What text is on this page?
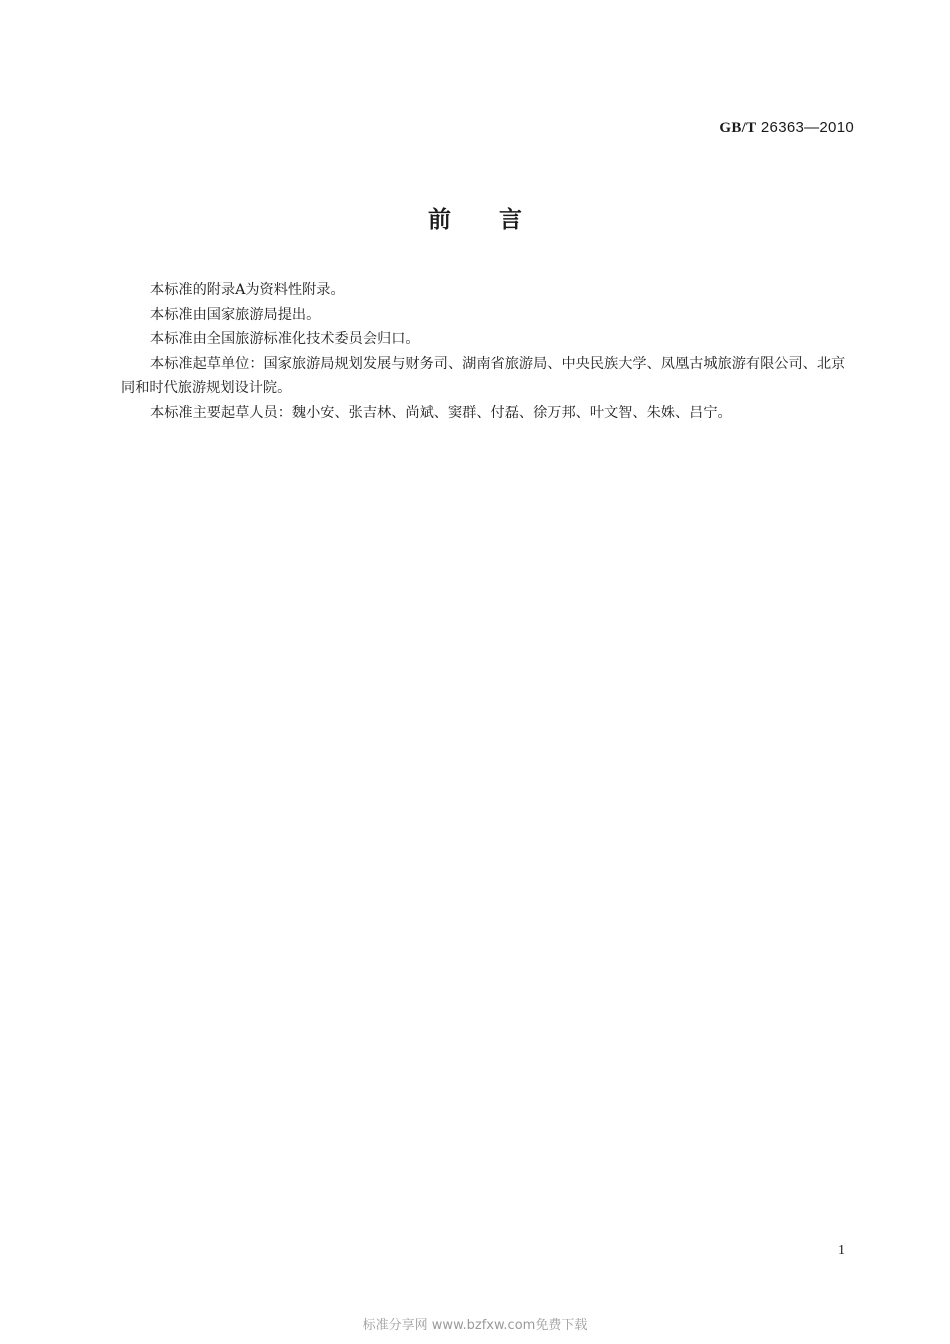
GB/T 26363—2010
前 言

本标准的附录A为资料性附录。

本标准由国家旅游局提出。

本标准由全国旅游标准化技术委员会归口。

本标准起草单位：国家旅游局规划发展与财务司、湖南省旅游局、中央民族大学、凤凰古城旅游有限公司、北京同和时代旅游规划设计院。

本标准主要起草人员：魏小安、张吉林、尚斌、窦群、付磊、徐万邦、叶文智、朱姝、吕宁。

1
标准分享网 www.bzfxw.com免费下载
